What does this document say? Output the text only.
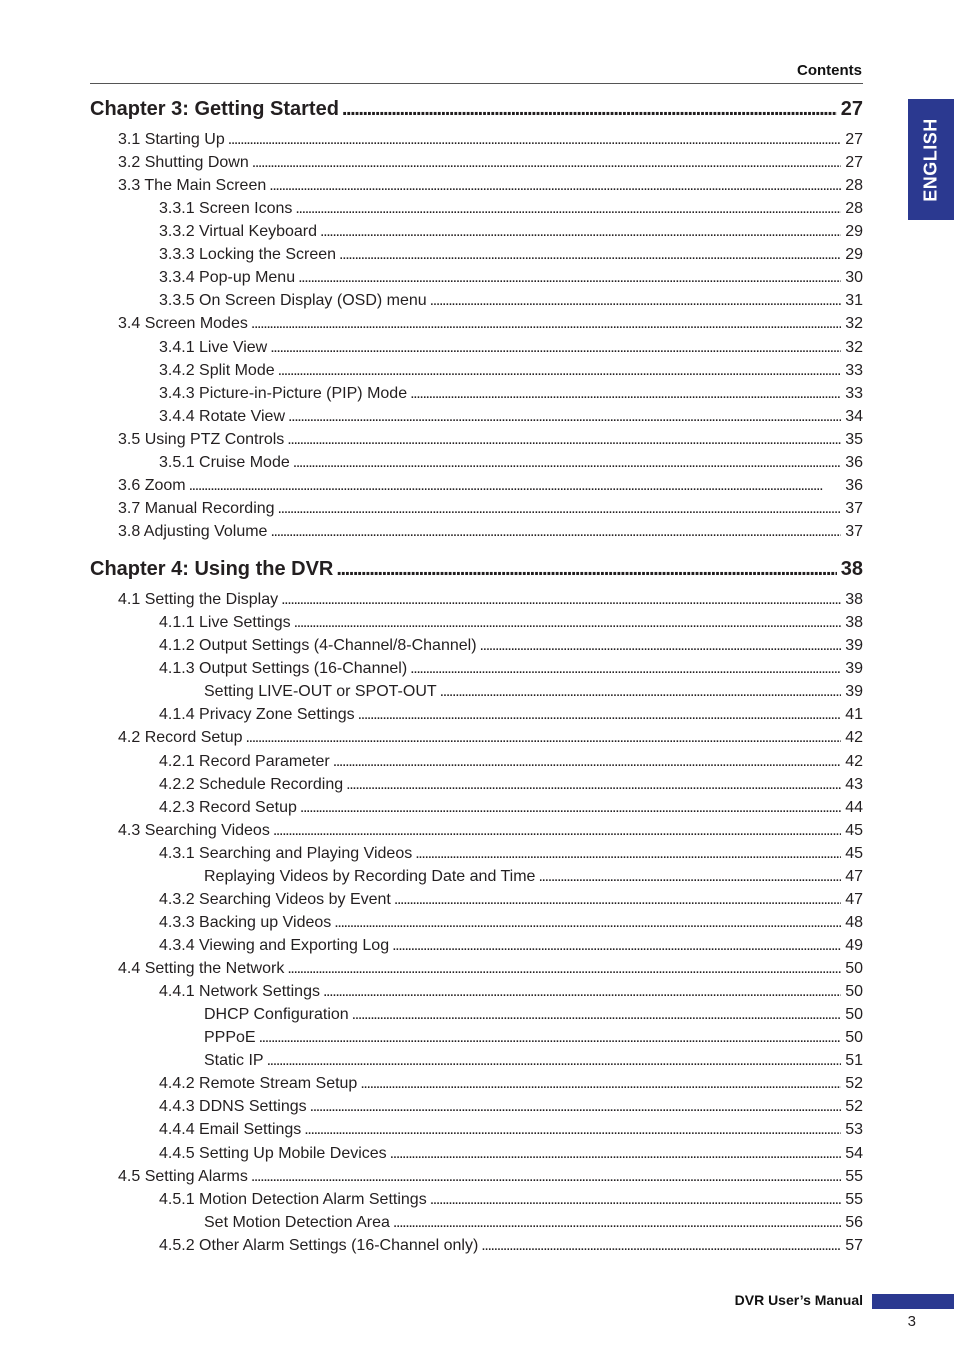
Contents
ENGLISH
Chapter 3: Getting Started . . .	27
3.1 Starting Up . . .	27
3.2 Shutting Down . . .	27
3.3 The Main Screen . . .	28
3.3.1 Screen Icons . . .	28
3.3.2 Virtual Keyboard . . .	29
3.3.3 Locking the Screen . . .	29
3.3.4 Pop-up Menu . . .	30
3.3.5 On Screen Display (OSD) menu . . .	31
3.4 Screen Modes . . .	32
3.4.1 Live View . . .	32
3.4.2 Split Mode . . .	33
3.4.3 Picture-in-Picture (PIP) Mode . . .	33
3.4.4 Rotate View . . .	34
3.5 Using PTZ Controls . . .	35
3.5.1 Cruise Mode . . .	36
3.6 Zoom . . .	36
3.7 Manual Recording . . .	37
3.8 Adjusting Volume . . .	37
Chapter 4: Using the DVR . . .	38
4.1 Setting the Display . . .	38
4.1.1 Live Settings . . .	38
4.1.2 Output Settings (4-Channel/8-Channel) . . .	39
4.1.3 Output Settings (16-Channel) . . .	39
Setting LIVE-OUT or SPOT-OUT . . .	39
4.1.4 Privacy Zone Settings . . .	41
4.2 Record Setup . . .	42
4.2.1 Record Parameter . . .	42
4.2.2 Schedule Recording . . .	43
4.2.3 Record Setup . . .	44
4.3 Searching Videos . . .	45
4.3.1 Searching and Playing Videos . . .	45
Replaying Videos by Recording Date and Time . . .	47
4.3.2 Searching Videos by Event . . .	47
4.3.3 Backing up Videos . . .	48
4.3.4 Viewing and Exporting Log . . .	49
4.4 Setting the Network . . .	50
4.4.1 Network Settings . . .	50
DHCP Configuration . . .	50
PPPoE . . .	50
Static IP . . .	51
4.4.2 Remote Stream Setup . . .	52
4.4.3 DDNS Settings . . .	52
4.4.4 Email Settings . . .	53
4.4.5 Setting Up Mobile Devices . . .	54
4.5 Setting Alarms . . .	55
4.5.1 Motion Detection Alarm Settings . . .	55
Set Motion Detection Area . . .	56
4.5.2 Other Alarm Settings (16-Channel only) . . .	57
DVR User’s Manual
3
